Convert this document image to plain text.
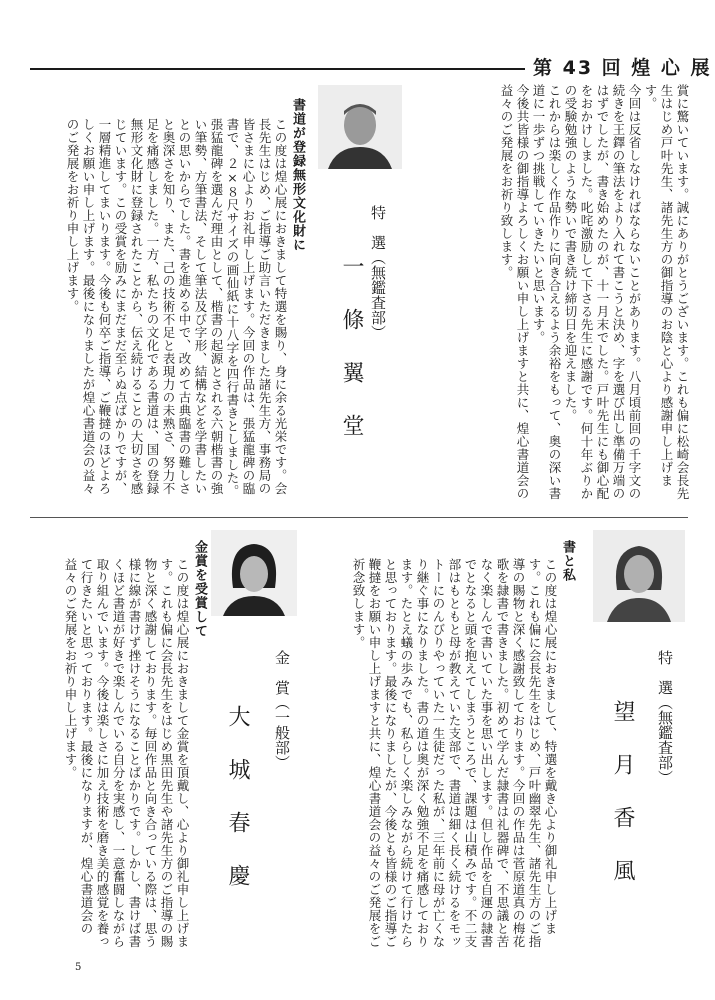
第 43 回 煌 心 展

賞に驚いています。誠にありがとうございます。これも偏に松崎会長先生はじめ戸叶先生、諸先生方の御指導のお陰と心より感謝申し上げます。

今回は反省しなければならないことがあります。八月頃前回の千字文の続きを王鐸の筆法をより入れて書こうと決め、字を選び出し準備万端のはずでしたが、書き始めたのが、十一月末でした。戸叶先生にも御心配をおかけしました。叱咤激励して下さる先生に感謝です。何十年ぶりかの受験勉強のような勢いで書き続け締切日を迎えました。

これからは楽しく作品作りに向き合えるよう余裕をもって、奥の深い書道に一歩ずつ挑戦していきたいと思います。

今後共皆様の御指導よろしくお願い申し上げますと共に、煌心書道会の益々のご発展をお祈り致します。

特　選（無鑑査部）
一 條 翼 堂
書道が登録無形文化財に

この度は煌心展におきまして特選を賜り、身に余る光栄です。会長先生はじめ、ご指導ご助言いただきました諸先生方、事務局の皆さまに心よりお礼申し上げます。今回の作品は、張猛龍碑の臨書で、２×８尺サイズの画仙紙に十八字を四行書きとしました。張猛龍碑を選んだ理由として、楷書の起源とされる六朝楷書の強い筆勢、方筆書法、そして筆法及び字形、結構などを学書したいとの思いからでした。書を進める中で、改めて古典臨書の難しさと奥深さを知り、また、己の技術不足と表現力の未熟さ、努力不足を痛感しました。一方、私たちの文化である書道は、国の登録無形文化財に登録されたことから、伝え続けることの大切さを感じています。この受賞を励みにまだまだ至らぬ点ばかりですが、一層精進してまいります。今後も何卒ご指導、ご鞭撻のほどよろしくお願い申し上げます。最後になりましたが煌心書道会の益々のご発展をお祈り申し上げます。

特　選（無鑑査部）
望 月 香 風
書と私

この度は煌心展におきまして、特選を戴き心より御礼申し上げます。これも偏に会長先生をはじめ、戸叶幽翠先生、諸先生方のご指導の賜物と深く感謝致しております。今回の作品は菅原道真の梅花歌を隷書で書きました。初めて学んだ隷書は礼器碑で、不思議と苦なく楽しんで書いていた事を思い出します。但し作品を自運の隷書でとなると頭を抱えてしまうところで、課題は山積みです。不二支部はもともと母が教えていた支部で、書道は細く長く続けるをモットーにのんびりやっていた一生徒だった私が、三年前に母が亡くなり継ぐ事になりました。書の道は奥が深く勉強不足を痛感しております。たとえ蟻の歩みでも、私らしく楽しみながら続けて行けたらと思っております。最後になりましたが、今後とも皆様のご指導ご鞭撻をお願い申し上げますと共に、煌心書道会の益々のご発展をご祈念致します。

金　賞（一般部）
大 城 春 慶
金賞を受賞して

この度は煌心展におきまして金賞を頂戴し、心より御礼申し上げます。これも偏に会長先生をはじめ黒田先生や諸先生方のご指導の賜物と深く感謝しております。毎回作品と向き合っている際は、思う様に線が書けず挫けそうになることばかりです。しかし、書けば書くほど書道が好きで楽しんでいる自分を実感し、一意奮闘しながら取り組んでいます。今後は楽しさに加え技術を磨き美的感覚を養って行きたいと思っております。最後になりますが、煌心書道会の益々のご発展をお祈り申し上げます。

5
